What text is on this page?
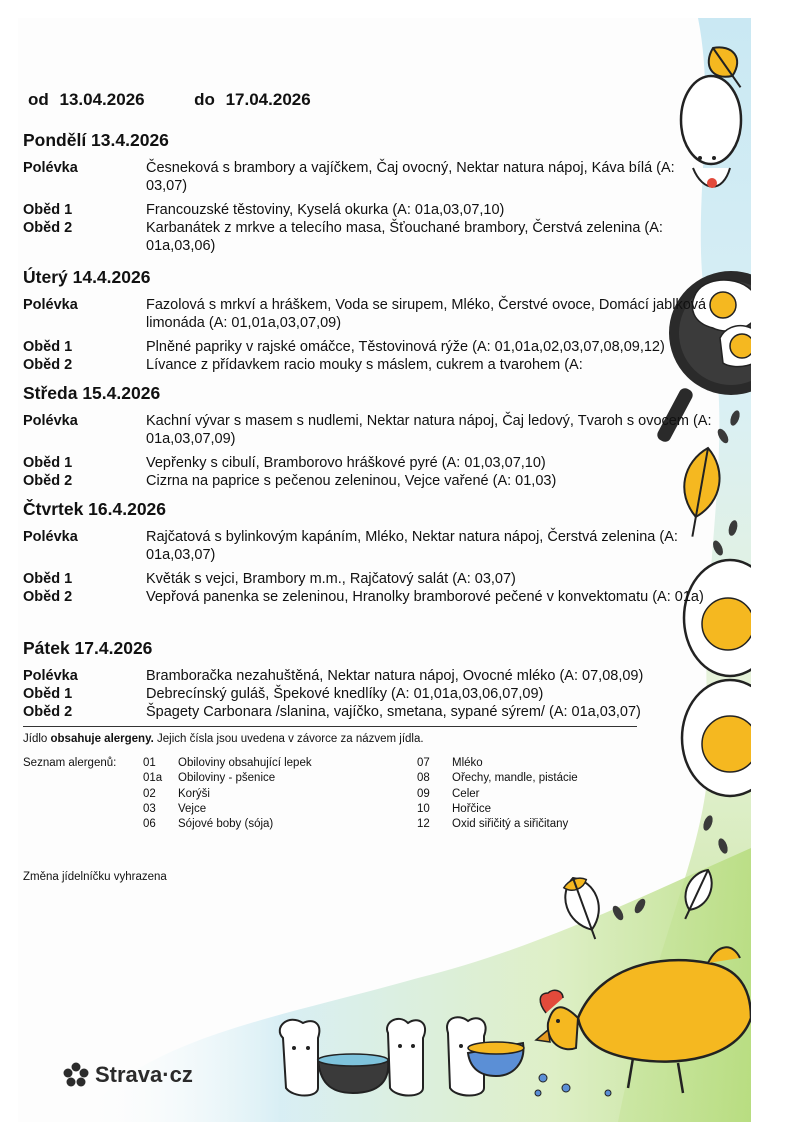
od 13.04.2026	do 17.04.2026
Pondělí 13.4.2026
Polévka	Česneková s brambory a vajíčkem, Čaj ovocný, Nektar natura nápoj, Káva bílá (A: 03,07)
Oběd 1	Francouzské těstoviny, Kyselá okurka (A: 01a,03,07,10)
Oběd 2	Karbanátek z mrkve a telecího masa, Šťouchané brambory, Čerstvá zelenina (A: 01a,03,06)
Úterý 14.4.2026
Polévka	Fazolová s mrkví a hráškem, Voda se sirupem, Mléko, Čerstvé ovoce, Domácí jablková limonáda (A: 01,01a,03,07,09)
Oběd 1	Plněné papriky v rajské omáčce, Těstovinová rýže (A: 01,01a,02,03,07,08,09,12)
Oběd 2	Lívance z přídavkem racio mouky s máslem, cukrem a tvarohem (A:
Středa 15.4.2026
Polévka	Kachní vývar s masem s nudlemi, Nektar natura nápoj, Čaj ledový, Tvaroh s ovocem (A: 01a,03,07,09)
Oběd 1	Vepřenky s cibulí, Bramborovo hráškové pyré (A: 01,03,07,10)
Oběd 2	Cizrna na paprice s pečenou zeleninou, Vejce vařené (A: 01,03)
Čtvrtek 16.4.2026
Polévka	Rajčatová s bylinkovým kapáním, Mléko, Nektar natura nápoj, Čerstvá zelenina (A: 01a,03,07)
Oběd 1	Květák s vejci, Brambory m.m., Rajčatový salát (A: 03,07)
Oběd 2	Vepřová panenka se zeleninou, Hranolky bramborové pečené v konvektomatu (A: 01a)
Pátek 17.4.2026
Polévka	Bramboračka nezahuštěná, Nektar natura nápoj, Ovocné mléko (A: 07,08,09)
Oběd 1	Debrecínský guláš, Špekové knedlíky (A: 01,01a,03,06,07,09)
Oběd 2	Špagety Carbonara /slanina, vajíčko, smetana, sypané sýrem/ (A: 01a,03,07)
Jídlo obsahuje alergeny. Jejich čísla jsou uvedena v závorce za názvem jídla.
Seznam alergenů: 01	Obiloviny obsahující lepek
01a	Obiloviny - pšenice
02	Korýši
03	Vejce
06	Sójové boby (sója)
07	Mléko
08	Ořechy, mandle, pistácie
09	Celer
10	Hořčice
12	Oxid siřičitý a siřičitany
Změna jídelníčku vyhrazena
Strava·cz
